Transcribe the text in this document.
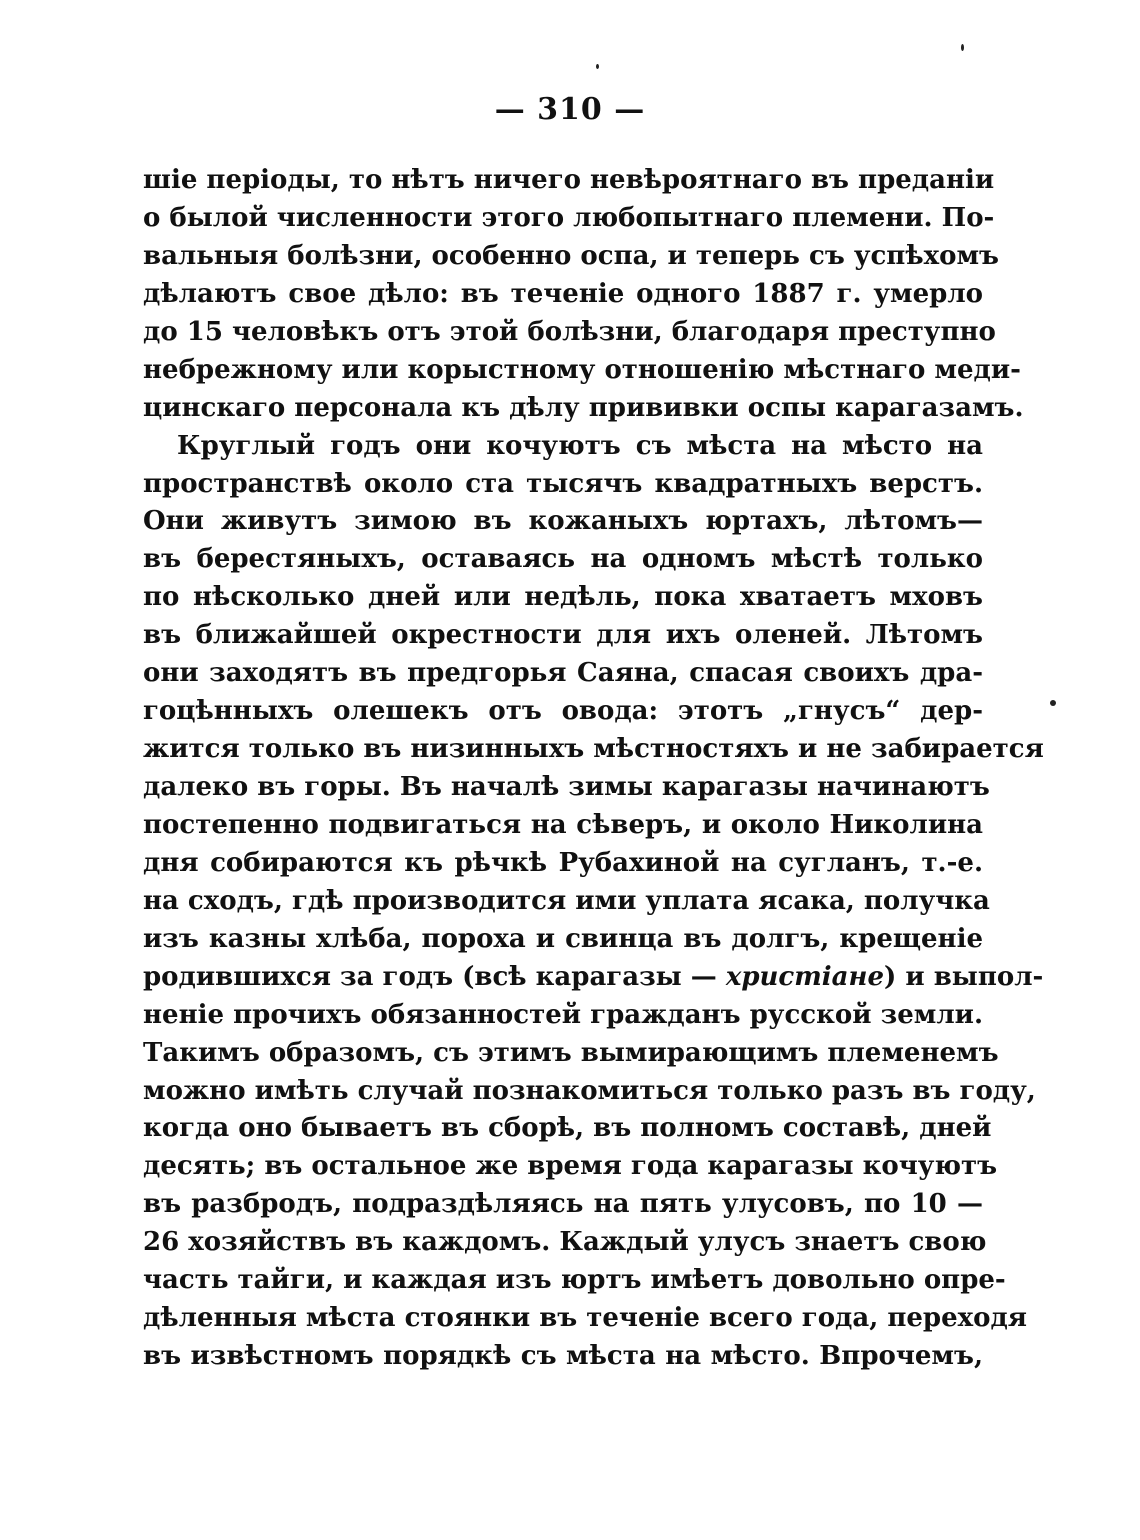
— 310 —
шіе періоды, то нѣтъ ничего невѣроятнаго въ преданіи
о былой численности этого любопытнаго племени. По-
вальныя болѣзни, особенно оспа, и теперь съ успѣхомъ
дѣлаютъ свое дѣло: въ теченіе одного 1887 г. умерло
до 15 человѣкъ отъ этой болѣзни, благодаря преступно
небрежному или корыстному отношенію мѣстнаго меди-
цинскаго персонала къ дѣлу прививки оспы карагазамъ.
Круглый годъ они кочуютъ съ мѣста на мѣсто на
пространствѣ около ста тысячъ квадратныхъ верстъ.
Они живутъ зимою въ кожаныхъ юртахъ, лѣтомъ—
въ берестяныхъ, оставаясь на одномъ мѣстѣ только
по нѣсколько дней или недѣль, пока хватаетъ мховъ
въ ближайшей окрестности для ихъ оленей. Лѣтомъ
они заходятъ въ предгорья Саяна, спасая своихъ дра-
гоцѣнныхъ олешекъ отъ овода: этотъ „гнусъ“ дер-
жится только въ низинныхъ мѣстностяхъ и не забирается
далеко въ горы. Въ началѣ зимы карагазы начинаютъ
постепенно подвигаться на сѣверъ, и около Николина
дня собираются къ рѣчкѣ Рубахиной на сугланъ, т.-е.
на сходъ, гдѣ производится ими уплата ясака, получка
изъ казны хлѣба, пороха и свинца въ долгъ, крещеніе
родившихся за годъ (всѣ карагазы — христіане) и выпол-
неніе прочихъ обязанностей гражданъ русской земли.
Такимъ образомъ, съ этимъ вымирающимъ племенемъ
можно имѣть случай познакомиться только разъ въ году,
когда оно бываетъ въ сборѣ, въ полномъ составѣ, дней
десять; въ остальное же время года карагазы кочуютъ
въ разбродъ, подраздѣляясь на пять улусовъ, по 10 —
26 хозяйствъ въ каждомъ. Каждый улусъ знаетъ свою
часть тайги, и каждая изъ юртъ имѣетъ довольно опре-
дѣленныя мѣста стоянки въ теченіе всего года, переходя
въ извѣстномъ порядкѣ съ мѣста на мѣсто. Впрочемъ,
